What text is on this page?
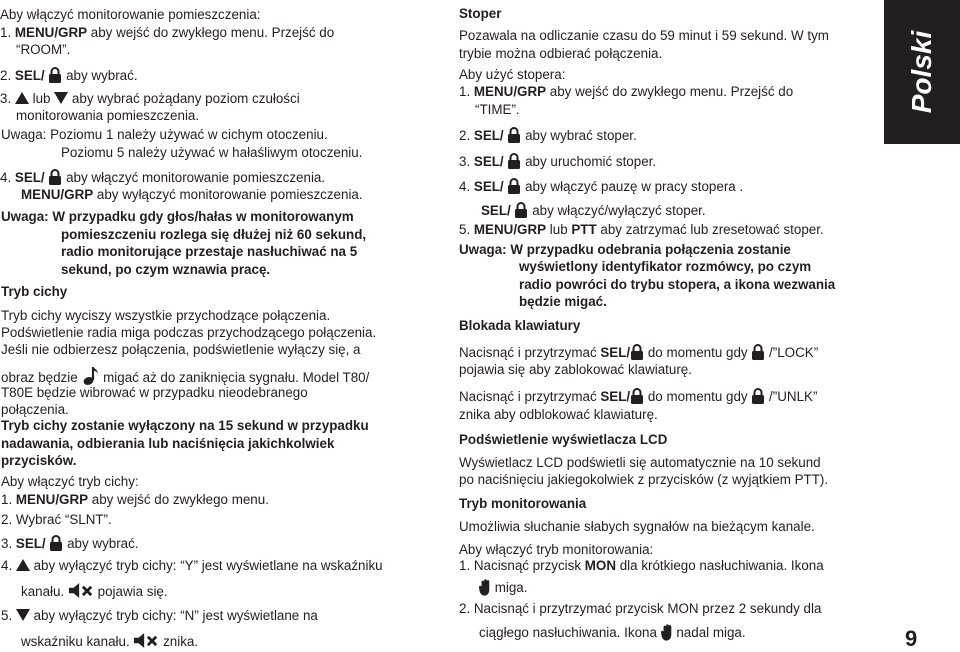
Aby włączyć monitorowanie pomieszczenia:
1. MENU/GRP aby wejść do zwykłego menu. Przejść do
“ROOM”.
2. SEL/  aby wybrać.
3.  lub  aby wybrać pożądany poziom czułości
monitorowania pomieszczenia.
Uwaga: Poziomu 1 należy używać w cichym otoczeniu.
Poziomu 5 należy używać w hałaśliwym otoczeniu.
4. SEL/  aby włączyć monitorowanie pomieszczenia.
MENU/GRP aby wyłączyć monitorowanie pomieszczenia.
Uwaga: W przypadku gdy głos/hałas w monitorowanym
pomieszczeniu rozlega się dłużej niż 60 sekund,
radio monitorujące przestaje nasłuchiwać na 5
sekund, po czym wznawia pracę.
Tryb cichy
Tryb cichy wyciszy wszystkie przychodzące połączenia.
Podświetlenie radia miga podczas przychodzącego połączenia.
Jeśli nie odbierzesz połączenia, podświetlenie wyłączy się, a
obraz będzie  migać aż do zaniknięcia sygnału. Model T80/
T80E będzie wibrować w przypadku nieodebranego
połączenia.
Tryb cichy zostanie wyłączony na 15 sekund w przypadku
nadawania, odbierania lub naciśnięcia jakichkolwiek
przycisków.
Aby włączyć tryb cichy:
1. MENU/GRP aby wejść do zwykłego menu.
2. Wybrać “SLNT”.
3. SEL/  aby wybrać.
4.  aby wyłączyć tryb cichy: “Y” jest wyświetlane na wskaźniku
kanału.  pojawia się.
5.  aby wyłączyć tryb cichy: “N” jest wyświetlane na
wskaźniku kanału.  znika.
Stoper
Pozawala na odliczanie czasu do 59 minut i 59 sekund. W tym
trybie można odbierać połączenia.
Aby użyć stopera:
1. MENU/GRP aby wejść do zwykłego menu. Przejść do
“TIME”.
2. SEL/  aby wybrać stoper.
3. SEL/  aby uruchomić stoper.
4. SEL/  aby włączyć pauzę w pracy stopera .
SEL/  aby włączyć/wyłączyć stoper.
5. MENU/GRP lub PTT aby zatrzymać lub zresetować stoper.
Uwaga: W przypadku odebrania połączenia zostanie
wyświetlony identyfikator rozmówcy, po czym
radio powróci do trybu stopera, a ikona wezwania
będzie migać.
Blokada klawiatury
Nacisnąć i przytrzymać SEL/ do momentu gdy  /”LOCK”
pojawia się aby zablokować klawiaturę.
Nacisnąć i przytrzymać SEL/ do momentu gdy  /”UNLK”
znika aby odblokować klawiaturę.
Podświetlenie wyświetlacza LCD
Wyświetlacz LCD podświetli się automatycznie na 10 sekund
po naciśnięciu jakiegokolwiek z przycisków (z wyjątkiem PTT).
Tryb monitorowania
Umożliwia słuchanie słabych sygnałów na bieżącym kanale.
Aby włączyć tryb monitorowania:
1. Nacisnąć przycisk MON dla krótkiego nasłuchiwania. Ikona
miga.
2. Nacisnąć i przytrzymać przycisk MON przez 2 sekundy dla
ciągłego nasłuchiwania. Ikona  nadal miga.
Polski
9
